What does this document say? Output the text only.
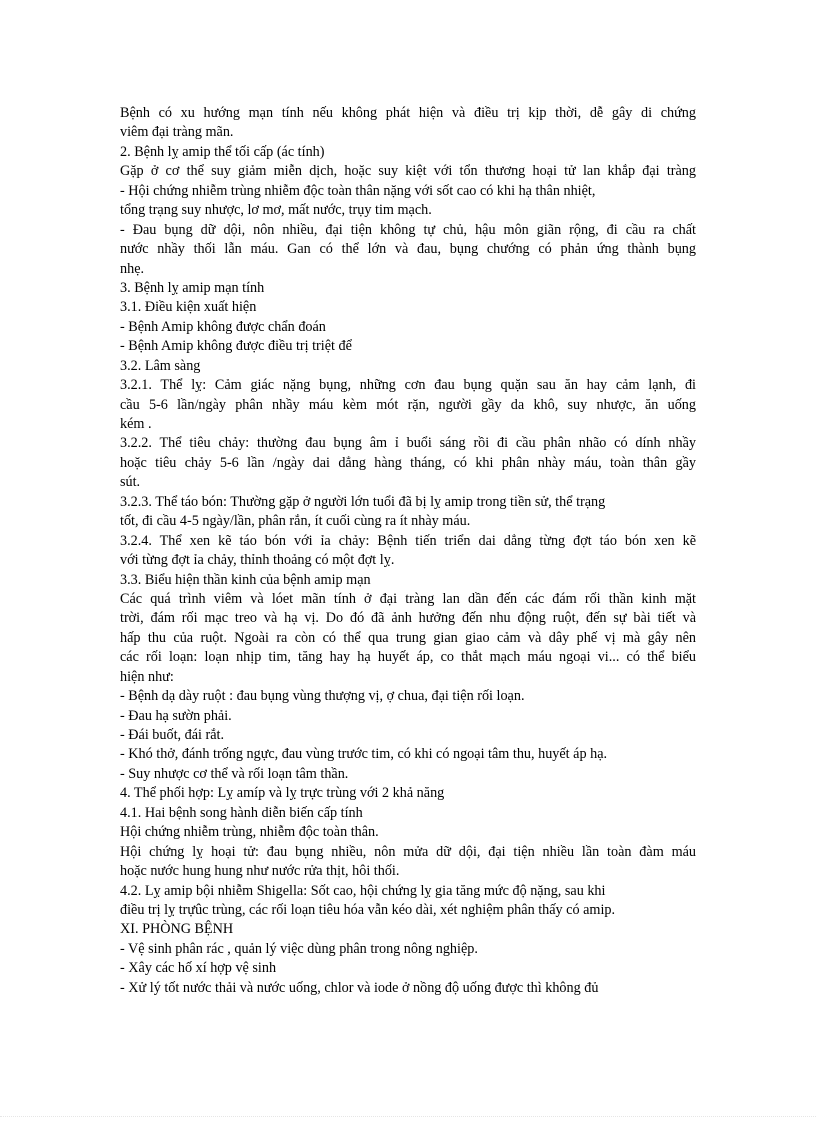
Bệnh có xu hướng mạn tính nếu không phát hiện và điều trị kịp thời, dễ gây di chứng
viêm đại tràng mãn.
2. Bệnh lỵ amip thể tối cấp (ác tính)
Gặp ở cơ thể suy giảm miễn dịch, hoặc suy kiệt với tổn thương hoại tử lan khắp đại tràng
- Hội chứng nhiễm trùng nhiễm độc toàn thân nặng với sốt cao có khi hạ thân nhiệt,
tổng trạng suy nhược, lơ mơ, mất nước, trụy tim mạch.
- Đau bụng dữ dội, nôn nhiều, đại tiện không tự chủ, hậu môn giãn rộng, đi cầu ra chất
nước nhầy thối lẫn máu. Gan có thể lớn và đau, bụng chướng có phản ứng thành bụng
nhẹ.
3. Bệnh lỵ amip mạn tính
3.1. Điều kiện xuất hiện
- Bệnh Amip không được chẩn đoán
- Bệnh Amip không được điều trị triệt để
3.2. Lâm sàng
3.2.1. Thể lỵ: Cảm giác nặng bụng, những cơn đau bụng quặn sau ăn hay cảm lạnh, đi
cầu 5-6 lần/ngày phân nhầy máu kèm mót rặn, người gầy da khô, suy nhược, ăn uống
kém .
3.2.2. Thể tiêu chảy: thường đau bụng âm ỉ buổi sáng rồi đi cầu phân nhão có dính nhầy
hoặc tiêu chảy 5-6 lần /ngày dai dẳng hàng tháng, có khi phân nhày máu, toàn thân gầy
sút.
3.2.3. Thể táo bón: Thường gặp ở người lớn tuổi đã bị lỵ amip trong tiền sử, thể trạng
tốt, đi cầu 4-5 ngày/lần, phân rắn, ít cuối cùng ra ít nhày máu.
3.2.4. Thể xen kẽ táo bón với ỉa chảy: Bệnh tiến triển dai dẳng từng đợt táo bón xen kẽ
với từng đợt ỉa chảy, thỉnh thoảng có một đợt lỵ.
3.3. Biểu hiện thần kinh của bệnh amip mạn
Các quá trình viêm và lóet mãn tính ở đại tràng lan dần đến các đám rối thần kinh mặt
trời, đám rối mạc treo và hạ vị. Do đó đã ảnh hưởng đến nhu động ruột, đến sự bài tiết và
hấp thu của ruột. Ngoài ra còn có thể qua trung gian giao cảm và dây phế vị mà gây nên
các rối loạn: loạn nhịp tim, tăng hay hạ huyết áp, co thắt mạch máu ngoại vi... có thể biểu
hiện như:
- Bệnh dạ dày ruột : đau bụng vùng thượng vị, ợ chua, đại tiện rối loạn.
- Đau hạ sườn phải.
- Đái buốt, đái rắt.
- Khó thở, đánh trống ngực, đau vùng trước tim, có khi có ngoại tâm thu, huyết áp hạ.
- Suy nhược cơ thể và rối loạn tâm thần.
4. Thể phối hợp: Lỵ amíp và lỵ trực trùng với 2 khả năng
4.1. Hai bệnh song hành diễn biến cấp tính
Hội chứng nhiễm trùng, nhiễm độc toàn thân.
Hội chứng lỵ hoại tử: đau bụng nhiều, nôn mửa dữ dội, đại tiện nhiều lần toàn đàm máu
hoặc nước hung hung như nước rửa thịt, hôi thối.
4.2. Lỵ amip bội nhiễm Shigella: Sốt cao, hội chứng lỵ gia tăng mức độ nặng, sau khi
điều trị lỵ trựûc trùng, các rối loạn tiêu hóa vẫn kéo dài, xét nghiệm phân thấy có amip.
XI. PHÒNG BỆNH
- Vệ sinh phân rác , quản lý việc dùng phân trong nông nghiệp.
- Xây các hố xí hợp vệ sinh
- Xử lý tốt nước thải và nước uống, chlor và iode ở nồng độ uống được thì không đủ
